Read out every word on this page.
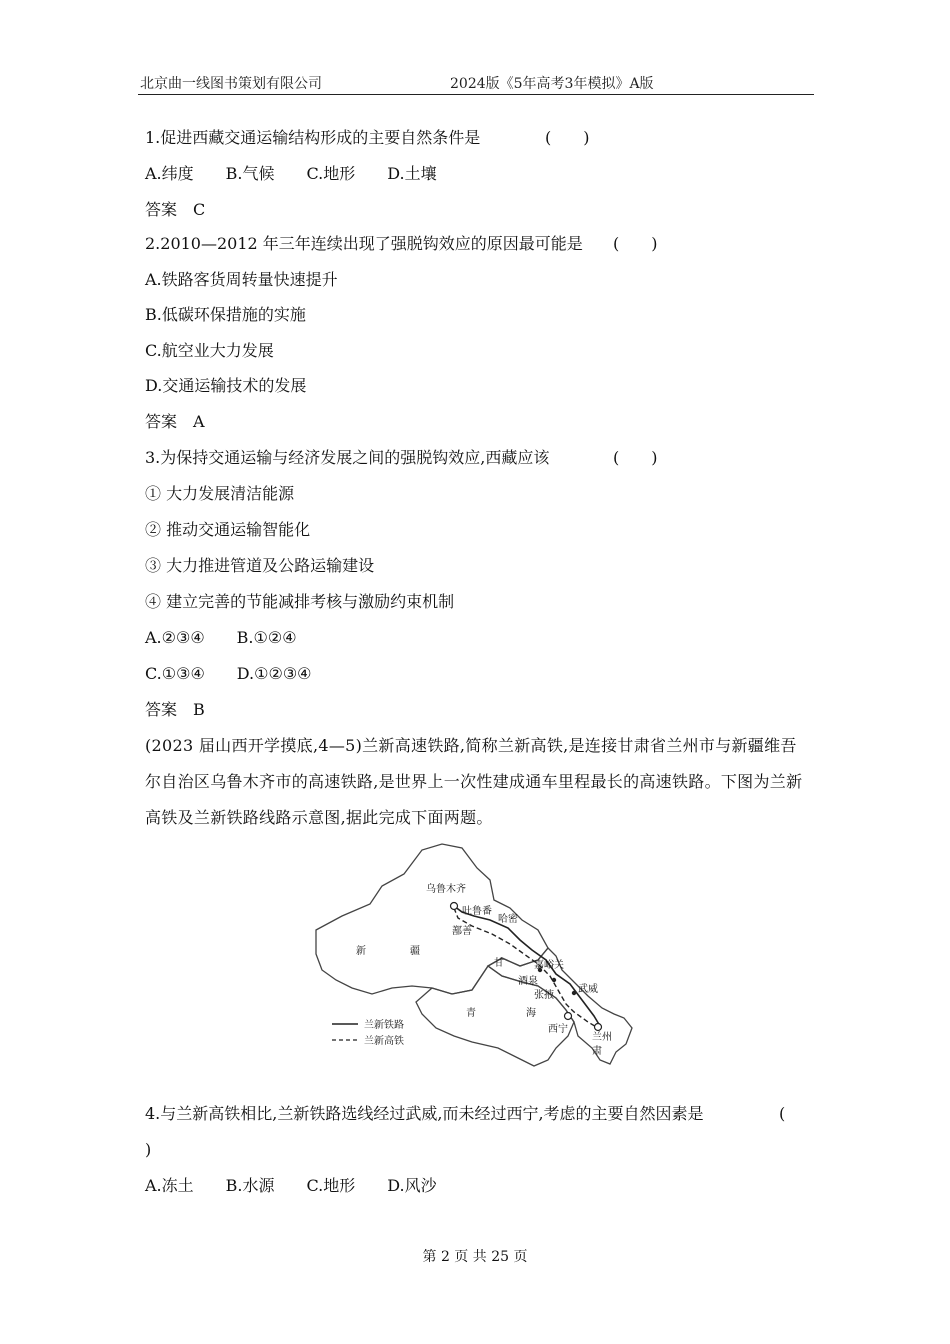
北京曲一线图书策划有限公司	2024版《5年高考3年模拟》A版
1.促进西藏交通运输结构形成的主要自然条件是	(　　)
A.纬度　　B.气候　　C.地形　　D.土壤
答案　C
2.2010—2012 年三年连续出现了强脱钩效应的原因最可能是 (　　)
A.铁路客货周转量快速提升
B.低碳环保措施的实施
C.航空业大力发展
D.交通运输技术的发展
答案　A
3.为保持交通运输与经济发展之间的强脱钩效应,西藏应该	(　　)
① 大力发展清洁能源
② 推动交通运输智能化
③ 大力推进管道及公路运输建设
④ 建立完善的节能减排考核与激励约束机制
A.②③④　　B.①②④
C.①③④　　D.①②③④
答案　B
(2023 届山西开学摸底,4—5)兰新高速铁路,简称兰新高铁,是连接甘肃省兰州市与新疆维吾尔自治区乌鲁木齐市的高速铁路,是世界上一次性建成通车里程最长的高速铁路。下图为兰新高铁及兰新铁路线路示意图,据此完成下面两题。
乌鲁木齐
吐鲁番
鄯善
哈密
新	疆
甘	嘉峪关
酒泉
张掖
武威
青	海
西宁
兰州
肃
兰新铁路
兰新高铁
4.与兰新高铁相比,兰新铁路选线经过武威,而未经过西宁,考虑的主要自然因素是	(
)
A.冻土　　B.水源　　C.地形　　D.风沙
第 2 页 共 25 页
